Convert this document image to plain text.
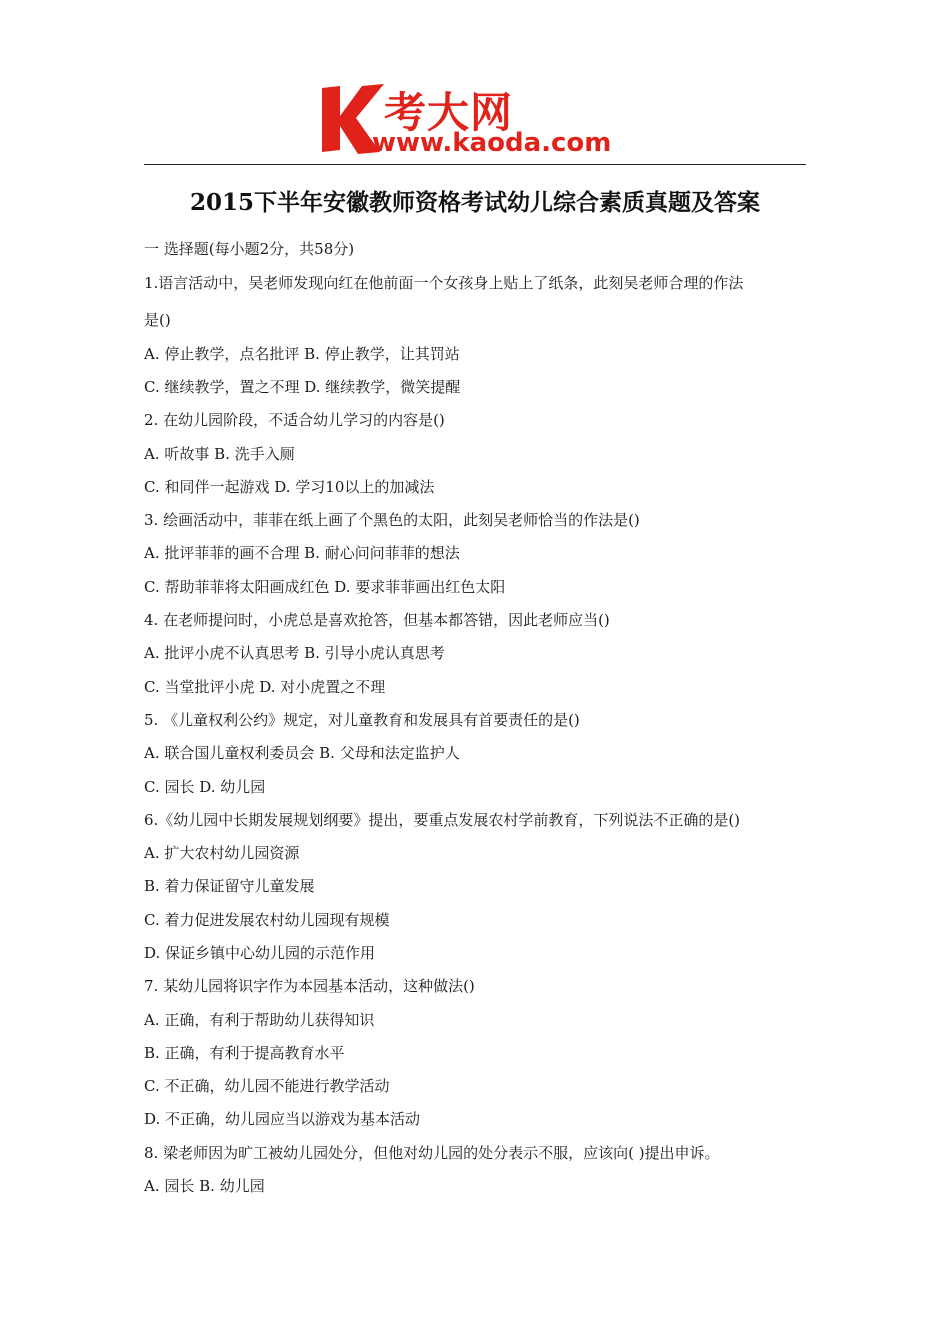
考大网
www.kaoda.com
2015下半年安徽教师资格考试幼儿综合素质真题及答案
一 选择题(每小题2分，共58分)
1.语言活动中，吴老师发现向红在他前面一个女孩身上贴上了纸条，此刻吴老师合理的作法
是()
A. 停止教学，点名批评 B. 停止教学，让其罚站
C. 继续教学，置之不理 D. 继续教学，微笑提醒
2. 在幼儿园阶段，不适合幼儿学习的内容是()
A. 听故事 B. 洗手入厕
C. 和同伴一起游戏 D. 学习10以上的加减法
3. 绘画活动中，菲菲在纸上画了个黑色的太阳，此刻吴老师恰当的作法是()
A. 批评菲菲的画不合理 B. 耐心问问菲菲的想法
C. 帮助菲菲将太阳画成红色 D. 要求菲菲画出红色太阳
4. 在老师提问时，小虎总是喜欢抢答，但基本都答错，因此老师应当()
A. 批评小虎不认真思考 B. 引导小虎认真思考
C. 当堂批评小虎 D. 对小虎置之不理
5. 《儿童权利公约》规定，对儿童教育和发展具有首要责任的是()
A. 联合国儿童权利委员会 B. 父母和法定监护人
C. 园长 D. 幼儿园
6.《幼儿园中长期发展规划纲要》提出，要重点发展农村学前教育，下列说法不正确的是()
A. 扩大农村幼儿园资源
B. 着力保证留守儿童发展
C. 着力促进发展农村幼儿园现有规模
D. 保证乡镇中心幼儿园的示范作用
7. 某幼儿园将识字作为本园基本活动，这种做法()
A. 正确，有利于帮助幼儿获得知识
B. 正确，有利于提高教育水平
C. 不正确，幼儿园不能进行教学活动
D. 不正确，幼儿园应当以游戏为基本活动
8. 梁老师因为旷工被幼儿园处分，但他对幼儿园的处分表示不服，应该向( )提出申诉。
A. 园长 B. 幼儿园
